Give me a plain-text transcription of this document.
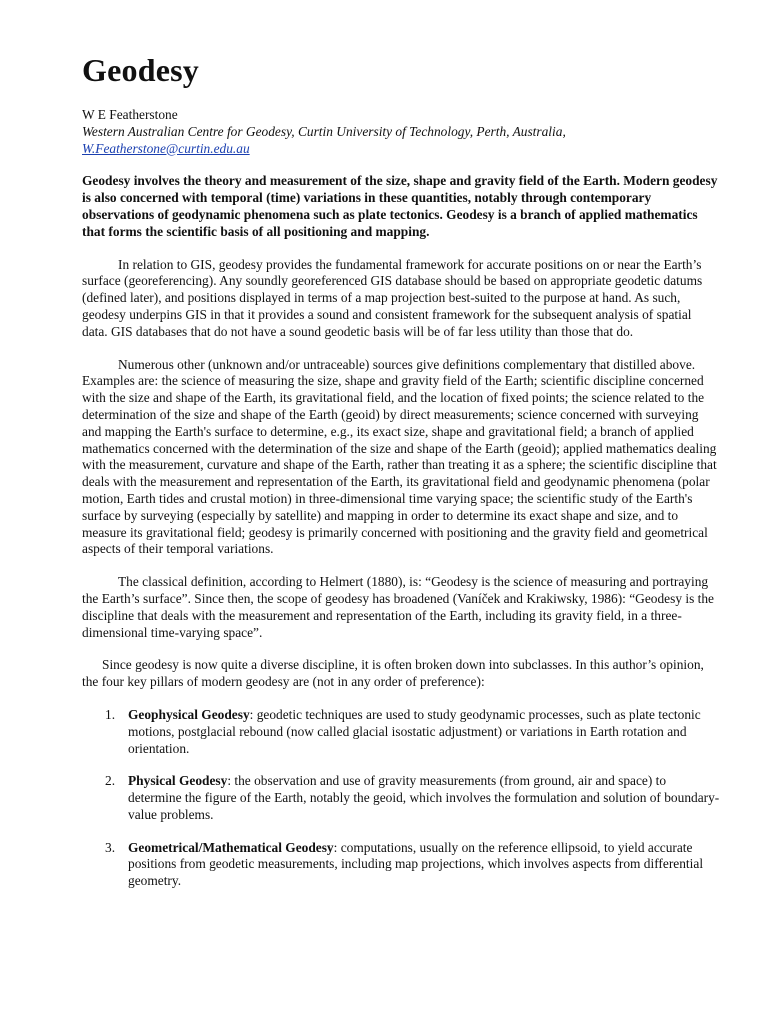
Geodesy
W E Featherstone
Western Australian Centre for Geodesy, Curtin University of Technology, Perth, Australia,
W.Featherstone@curtin.edu.au

Geodesy involves the theory and measurement of the size, shape and gravity field of the Earth. Modern geodesy is also concerned with temporal (time) variations in these quantities, notably through contemporary observations of geodynamic phenomena such as plate tectonics. Geodesy is a branch of applied mathematics that forms the scientific basis of all positioning and mapping.

In relation to GIS, geodesy provides the fundamental framework for accurate positions on or near the Earth’s surface (georeferencing). Any soundly georeferenced GIS database should be based on appropriate geodetic datums (defined later), and positions displayed in terms of a map projection best-suited to the purpose at hand. As such, geodesy underpins GIS in that it provides a sound and consistent framework for the subsequent analysis of spatial data. GIS databases that do not have a sound geodetic basis will be of far less utility than those that do.

Numerous other (unknown and/or untraceable) sources give definitions complementary that distilled above. Examples are: the science of measuring the size, shape and gravity field of the Earth; scientific discipline concerned with the size and shape of the Earth, its gravitational field, and the location of fixed points; the science related to the determination of the size and shape of the Earth (geoid) by direct measurements; science concerned with surveying and mapping the Earth's surface to determine, e.g., its exact size, shape and gravitational field; a branch of applied mathematics concerned with the determination of the size and shape of the Earth (geoid); applied mathematics dealing with the measurement, curvature and shape of the Earth, rather than treating it as a sphere; the scientific discipline that deals with the measurement and representation of the Earth, its gravitational field and geodynamic phenomena (polar motion, Earth tides and crustal motion) in three-dimensional time varying space; the scientific study of the Earth's surface by surveying (especially by satellite) and mapping in order to determine its exact shape and size, and to measure its gravitational field; geodesy is primarily concerned with positioning and the gravity field and geometrical aspects of their temporal variations.

The classical definition, according to Helmert (1880), is: “Geodesy is the science of measuring and portraying the Earth’s surface”. Since then, the scope of geodesy has broadened (Vaníček and Krakiwsky, 1986): “Geodesy is the discipline that deals with the measurement and representation of the Earth, including its gravity field, in a three-dimensional time-varying space”.

Since geodesy is now quite a diverse discipline, it is often broken down into subclasses. In this author’s opinion, the four key pillars of modern geodesy are (not in any order of preference):

1. Geophysical Geodesy: geodetic techniques are used to study geodynamic processes, such as plate tectonic motions, postglacial rebound (now called glacial isostatic adjustment) or variations in Earth rotation and orientation.
2. Physical Geodesy: the observation and use of gravity measurements (from ground, air and space) to determine the figure of the Earth, notably the geoid, which involves the formulation and solution of boundary-value problems.
3. Geometrical/Mathematical Geodesy: computations, usually on the reference ellipsoid, to yield accurate positions from geodetic measurements, including map projections, which involves aspects from differential geometry.
